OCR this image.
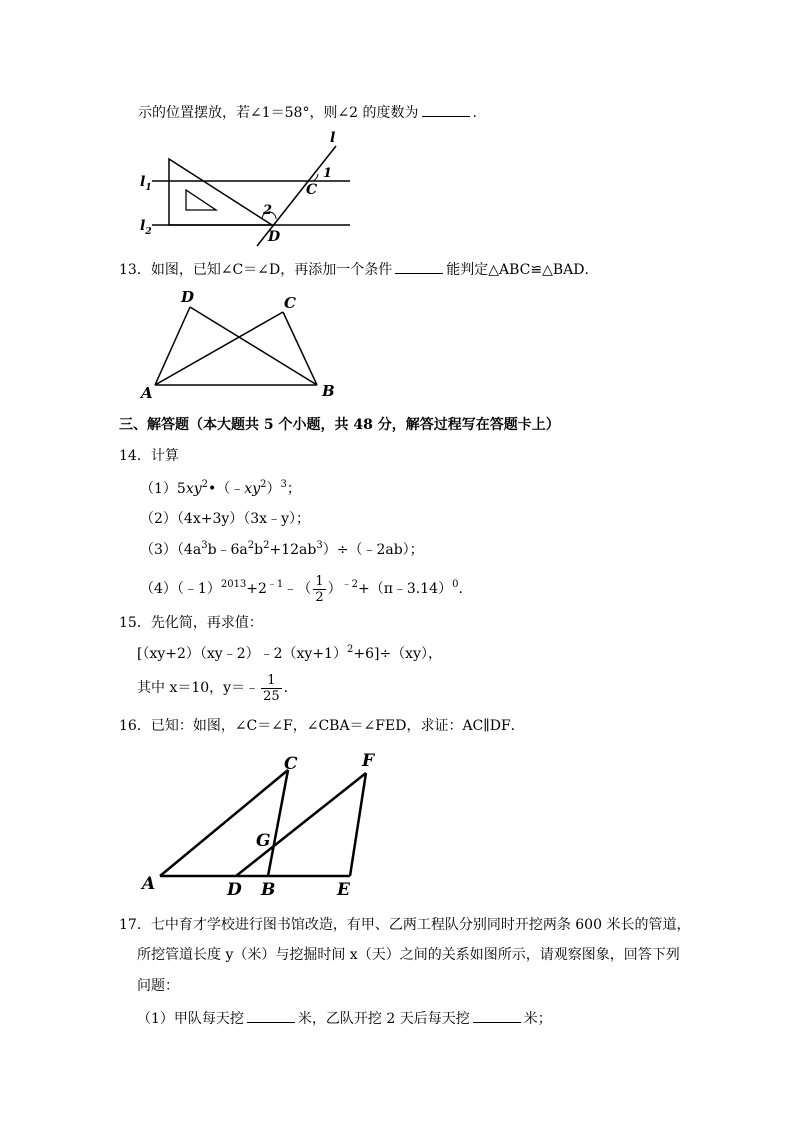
示的位置摆放，若∠1＝58°，则∠2 的度数为	.
l
$l_1$
$l_2$
C
D
1
2
13．如图，已知∠C＝∠D，再添加一个条件	能判定△ABC≌△BAD．
A	B
D	C
三、解答题（本大题共 5 个小题，共 48 分，解答过程写在答题卡上）
14．计算
$(1)5xy^2•(﹣xy^2)^3$；
（2）（4x+3y）（3x﹣y）；
$(3)(4a^3b﹣6a^2b^2+12ab^3)\div(﹣2ab)$；
$(4)(﹣1)^{2013}+2^{﹣1}﹣( \frac{1}{2}$ ）$^{﹣2}$+（π﹣3.14）$^0$.
15．先化简，再求值：
$[(xy+2)(xy﹣2)﹣2(xy+1)^2+6]\div(xy)$，
其中 x＝10，y＝﹣ $\frac{1}{25}$ .
16．已知：如图，∠C＝∠F，∠CBA＝∠FED，求证：AC∥DF．
A	D B	E
C	F
G
17．七中育才学校进行图书馆改造，有甲、乙两工程队分别同时开挖两条 600 米长的管道，
所挖管道长度 y（米）与挖掘时间 x（天）之间的关系如图所示，请观察图象，回答下列
问题：
（1）甲队每天挖	米，乙队开挖 2 天后每天挖	米；
